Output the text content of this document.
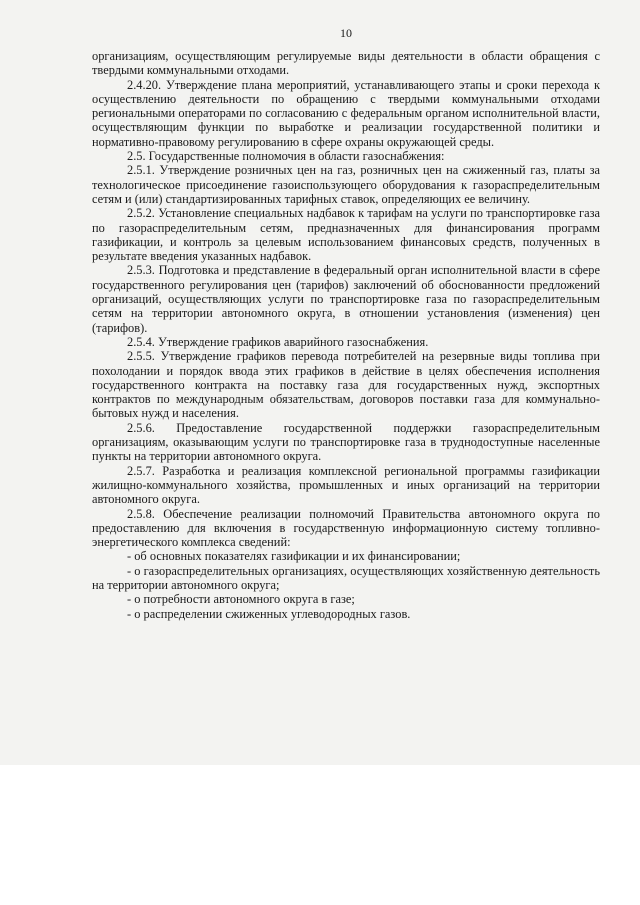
10

организациям, осуществляющим регулируемые виды деятельности в области обращения с твердыми коммунальными отходами.

2.4.20. Утверждение плана мероприятий, устанавливающего этапы и сроки перехода к осуществлению деятельности по обращению с твердыми коммунальными отходами региональными операторами по согласованию с федеральным органом исполнительной власти, осуществляющим функции по выработке и реализации государственной политики и нормативно-правовому регулированию в сфере охраны окружающей среды.

2.5. Государственные полномочия в области газоснабжения:

2.5.1. Утверждение розничных цен на газ, розничных цен на сжиженный газ, платы за технологическое присоединение газоиспользующего оборудования к газораспределительным сетям и (или) стандартизированных тарифных ставок, определяющих ее величину.

2.5.2. Установление специальных надбавок к тарифам на услуги по транспортировке газа по газораспределительным сетям, предназначенных для финансирования программ газификации, и контроль за целевым использованием финансовых средств, полученных в результате введения указанных надбавок.

2.5.3. Подготовка и представление в федеральный орган исполнительной власти в сфере государственного регулирования цен (тарифов) заключений об обоснованности предложений организаций, осуществляющих услуги по транспортировке газа по газораспределительным сетям на территории автономного округа, в отношении установления (изменения) цен (тарифов).

2.5.4. Утверждение графиков аварийного газоснабжения.

2.5.5. Утверждение графиков перевода потребителей на резервные виды топлива при похолодании и порядок ввода этих графиков в действие в целях обеспечения исполнения государственного контракта на поставку газа для государственных нужд, экспортных контрактов по международным обязательствам, договоров поставки газа для коммунально-бытовых нужд и населения.

2.5.6. Предоставление государственной поддержки газораспределительным организациям, оказывающим услуги по транспортировке газа в труднодоступные населенные пункты на территории автономного округа.

2.5.7. Разработка и реализация комплексной региональной программы газификации жилищно-коммунального хозяйства, промышленных и иных организаций на территории автономного округа.

2.5.8. Обеспечение реализации полномочий Правительства автономного округа по предоставлению для включения в государственную информационную систему топливно-энергетического комплекса сведений:

- об основных показателях газификации и их финансировании;

- о газораспределительных организациях, осуществляющих хозяйственную деятельность на территории автономного округа;

- о потребности автономного округа в газе;

- о распределении сжиженных углеводородных газов.
